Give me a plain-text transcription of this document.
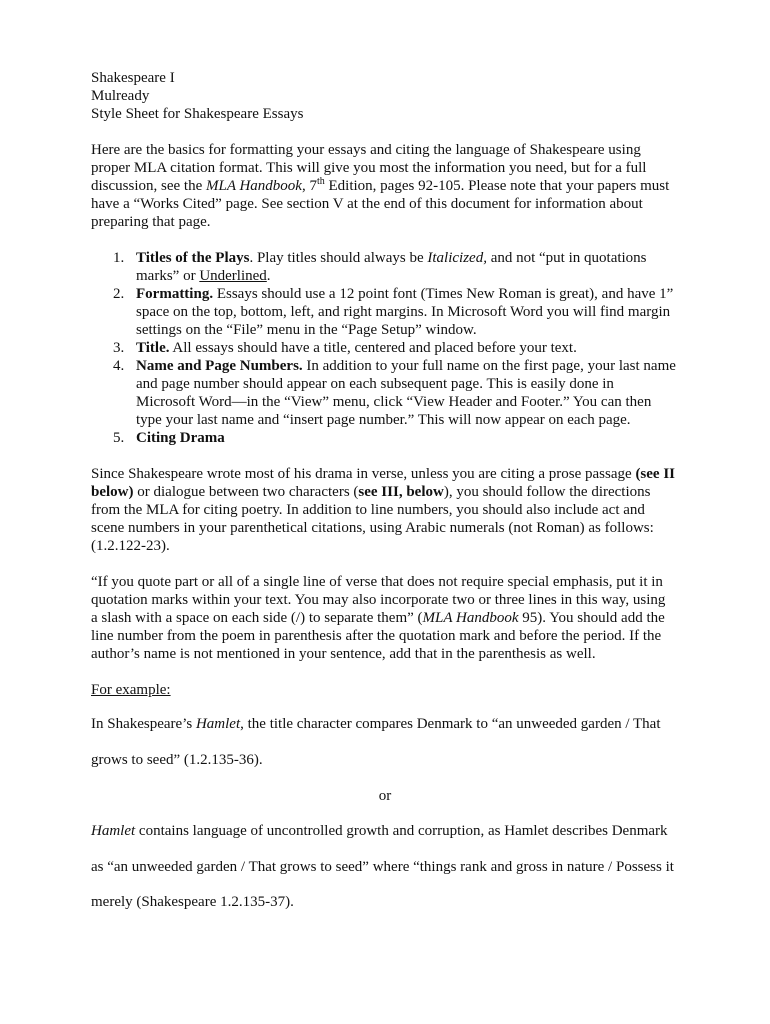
Shakespeare I
Mulready
Style Sheet for Shakespeare Essays
Here are the basics for formatting your essays and citing the language of Shakespeare using
proper MLA citation format. This will give you most the information you need, but for a full
discussion, see the MLA Handbook, 7th Edition, pages 92-105. Please note that your papers must
have a “Works Cited” page. See section V at the end of this document for information about
preparing that page.
1. Titles of the Plays. Play titles should always be Italicized, and not “put in quotations
marks” or Underlined.
2. Formatting. Essays should use a 12 point font (Times New Roman is great), and have 1”
space on the top, bottom, left, and right margins. In Microsoft Word you will find margin
settings on the “File” menu in the “Page Setup” window.
3. Title. All essays should have a title, centered and placed before your text.
4. Name and Page Numbers. In addition to your full name on the first page, your last name
and page number should appear on each subsequent page. This is easily done in
Microsoft Word—in the “View” menu, click “View Header and Footer.” You can then
type your last name and “insert page number.” This will now appear on each page.
5. Citing Drama
Since Shakespeare wrote most of his drama in verse, unless you are citing a prose passage (see II
below) or dialogue between two characters (see III, below), you should follow the directions
from the MLA for citing poetry. In addition to line numbers, you should also include act and
scene numbers in your parenthetical citations, using Arabic numerals (not Roman) as follows:
(1.2.122-23).
“If you quote part or all of a single line of verse that does not require special emphasis, put it in
quotation marks within your text. You may also incorporate two or three lines in this way, using
a slash with a space on each side (/) to separate them” (MLA Handbook 95). You should add the
line number from the poem in parenthesis after the quotation mark and before the period. If the
author’s name is not mentioned in your sentence, add that in the parenthesis as well.
For example:
In Shakespeare’s Hamlet, the title character compares Denmark to “an unweeded garden / That
grows to seed” (1.2.135-36).
or
Hamlet contains language of uncontrolled growth and corruption, as Hamlet describes Denmark
as “an unweeded garden / That grows to seed” where “things rank and gross in nature / Possess it
merely (Shakespeare 1.2.135-37).
